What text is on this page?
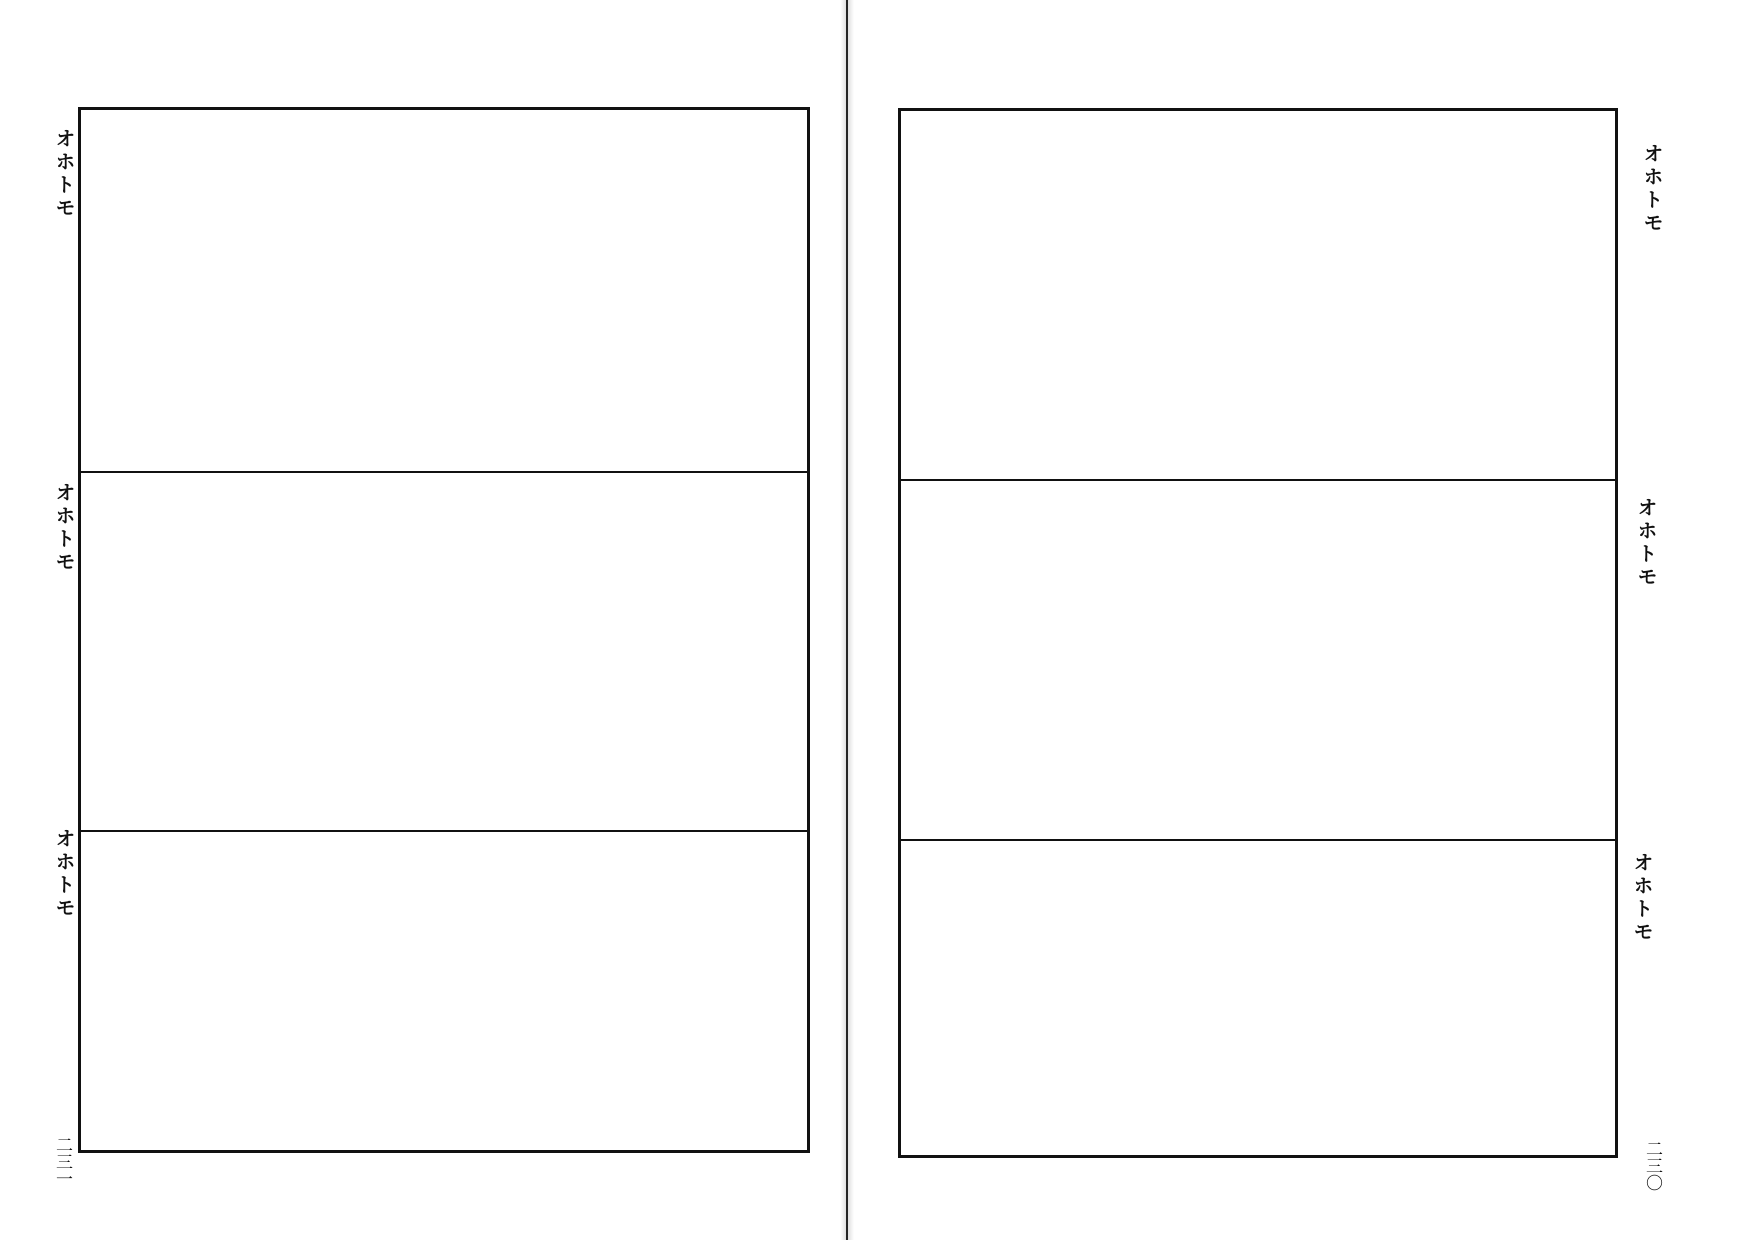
オホトモ
オホトモ
オホトモ
二三一
オホトモ
オホトモ
オホトモ
二三〇
